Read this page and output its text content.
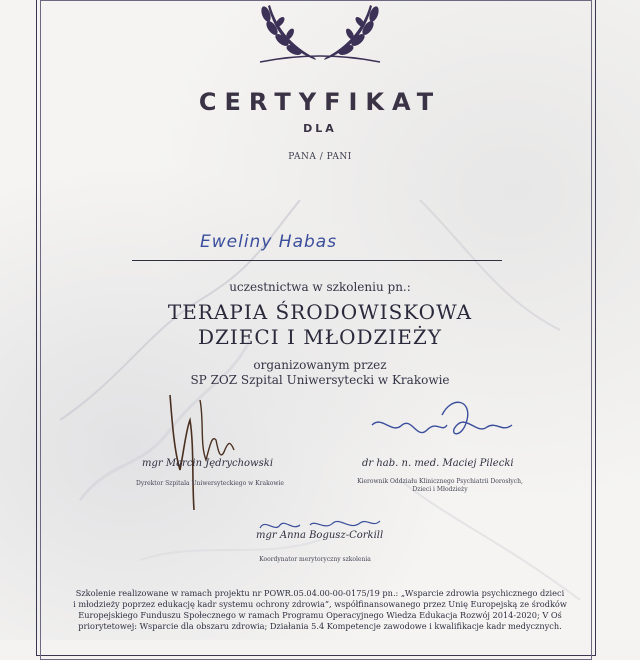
CERTYFIKAT
DLA
PANA / PANI
Eweliny Habas
uczestnictwa w szkoleniu pn.:
TERAPIA ŚRODOWISKOWA
DZIECI I MŁODZIEŻY
organizowanym przez
SP ZOZ Szpital Uniwersytecki w Krakowie
mgr Marcin Jędrychowski
Dyrektor Szpitala Uniwersyteckiego w Krakowie
dr hab. n. med. Maciej Pilecki
Kierownik Oddziału Klinicznego Psychiatrii Dorosłych,
Dzieci i Młodzieży
mgr Anna Bogusz-Corkill
Koordynator merytoryczny szkolenia
Szkolenie realizowane w ramach projektu nr POWR.05.04.00-00-0175/19 pn.: „Wsparcie zdrowia psychicznego dzieci
i młodzieży poprzez edukację kadr systemu ochrony zdrowia”, współfinansowanego przez Unię Europejską ze środków
Europejskiego Funduszu Społecznego w ramach Programu Operacyjnego Wiedza Edukacja Rozwój 2014-2020; V Oś
priorytetowej: Wsparcie dla obszaru zdrowia; Działania 5.4 Kompetencje zawodowe i kwalifikacje kadr medycznych.
